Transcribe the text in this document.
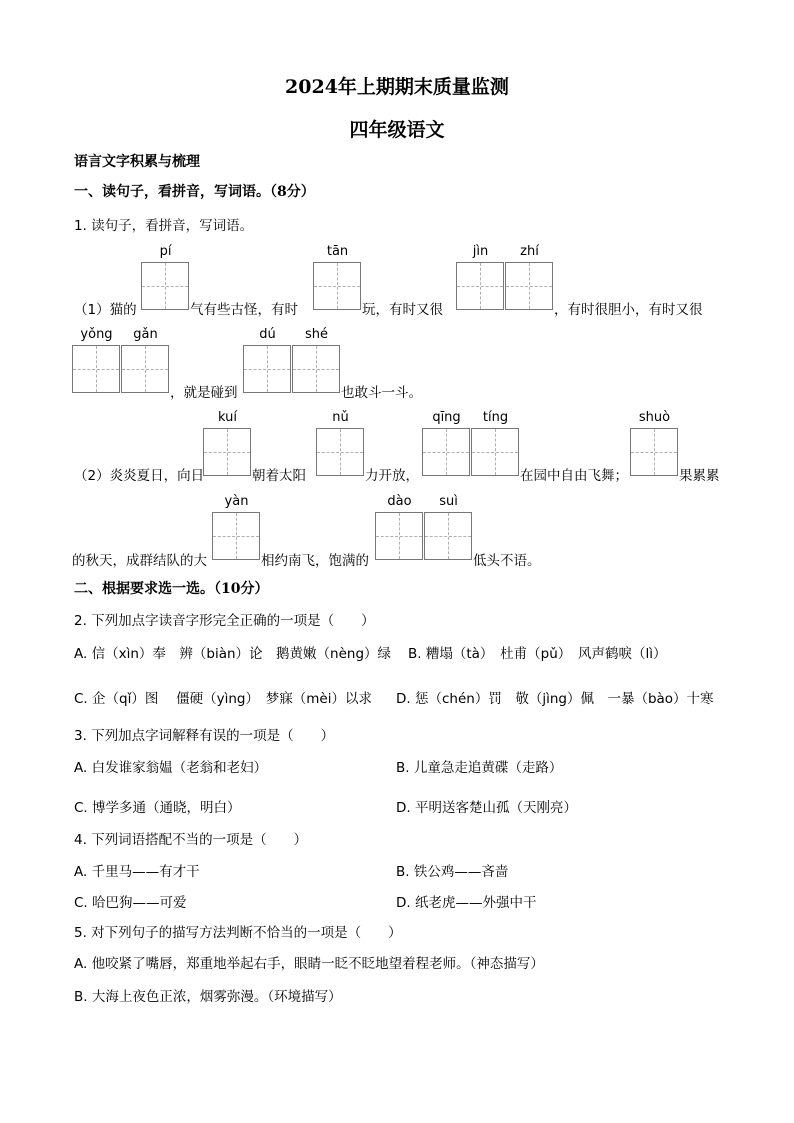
2024年上期期末质量监测
四年级语文
语言文字积累与梳理
一、读句子，看拼音，写词语。（8分）
1. 读句子，看拼音，写词语。
pí	tān	jìn	zhí
（1）猫的	气有些古怪，有时	玩，有时又很	，有时很胆小，有时又很
yǒng	gǎn
，就是碰到
dú	shé
也敢斗一斗。
kuí	nǔ	qīng	tíng	shuò
（2）炎炎夏日，向日	朝着太阳	力开放，	在园中自由飞舞；	果累累
yàn	dào	suì
的秋天，成群结队的大	相约南飞，饱满的	低头不语。
二、根据要求选一选。（10分）
2. 下列加点字读音字形完全正确的一项是（　　）
A. 信（xìn）奉　辨（biàn）论　鹅黄嫩（nèng）绿 B. 糟塌（tà）　杜甫（pǔ）　风声鹤唳（lì）
C. 企（qǐ）图　 僵硬（yìng）　梦寐（mèi）以求 D. 惩（chén）罚　敬（jìng）佩　一暴（bào）十寒
3. 下列加点字词解释有误的一项是（　　）
A. 白发谁家翁媪（老翁和老妇）	B. 儿童急走追黄碟（走路）
C. 博学多通（通晓，明白）	D. 平明送客楚山孤（天刚亮）
4. 下列词语搭配不当的一项是（　　）
A. 千里马——有才干	B. 铁公鸡——吝啬
C. 哈巴狗——可爱	D. 纸老虎——外强中干
5. 对下列句子的描写方法判断不恰当的一项是（　　）
A. 他咬紧了嘴唇，郑重地举起右手，眼睛一眨不眨地望着程老师。（神态描写）
B. 大海上夜色正浓，烟雾弥漫。（环境描写）
